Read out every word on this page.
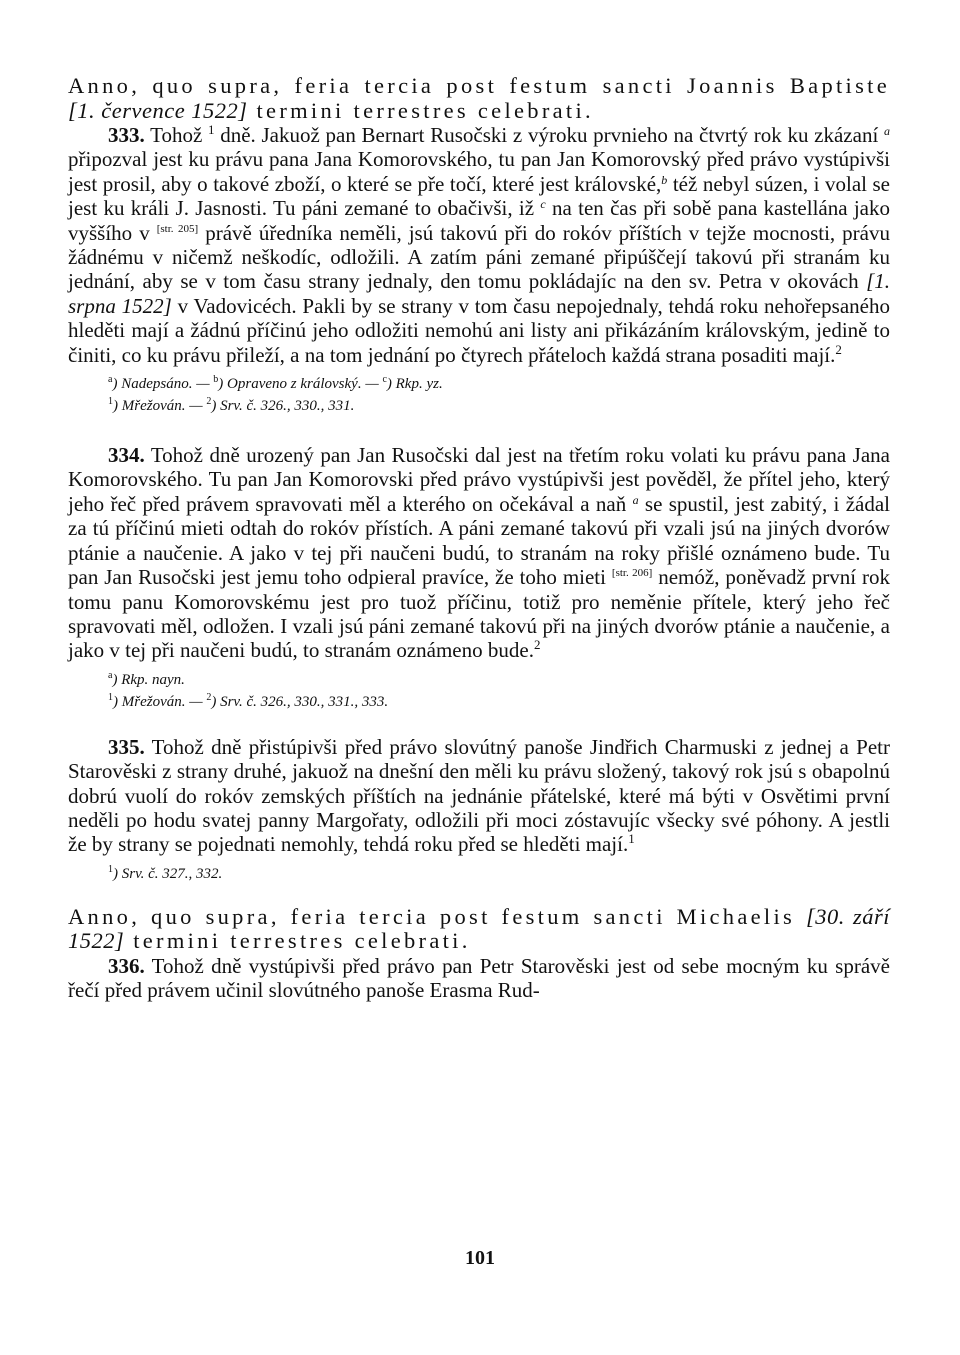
Anno, quo supra, feria tercia post festum sancti Joannis Baptiste [1. července 1522] termini terrestres celebrati.

333. Tohož $^1$ dně. Jakuož pan Bernart Rusočski z výroku prvnieho na čtvrtý rok ku zkázaní $^a$ připozval jest ku právu pana Jana Komorovského, tu pan Jan Komorovský před právo vystúpivši jest prosil, aby o takové zboží, o které se pře točí, které jest královské,$^b$ též nebyl súzen, i volal se jest ku králi J. Jasnosti. Tu páni zemané to obačivši, iž $^c$ na ten čas při sobě pana kastellána jako vyššího v [str. 205] právě úředníka neměli, jsú takovú při do rokóv příštích v tejže mocnosti, právu žádnému v ničemž neškodíc, odložili. A zatím páni zemané připúščejí takovú při stranám ku jednání, aby se v tom času strany jednaly, den tomu pokládajíc na den sv. Petra v okovách [1. srpna 1522] v Vadovicéch. Pakli by se strany v tom času nepojednaly, tehdá roku nehořepsaného hleděti mají a žádnú příčinú jeho odložiti nemohú ani listy ani přikázáním královským, jedině to činiti, co ku právu přileží, a na tom jednání po čtyrech přáteloch každá strana posaditi mají.$^2$

$^a$) Nadepsáno. — $^b$) Opraveno z královský. — $^c$) Rkp. yz.
$^1$) Mřežován. — $^2$) Srv. č. 326., 330., 331.

334. Tohož dně urozený pan Jan Rusočski dal jest na třetím roku volati ku právu pana Jana Komorovského. Tu pan Jan Komorovski před právo vystúpivši jest pověděl, že přítel jeho, který jeho řeč před právem spravovati měl a kterého on očekával a naň $^a$ se spustil, jest zabitý, i žádal za tú příčinú mieti odtah do rokóv přístích. A páni zemané takovú při vzali jsú na jiných dvorów ptánie a naučenie. A jako v tej při naučeni budú, to stranám na roky přišlé oznámeno bude. Tu pan Jan Rusočski jest jemu toho odpieral pravíce, že toho mieti [str. 206] nemóž, poněvadž první rok tomu panu Komorovskému jest pro tuož příčinu, totiž pro neměnie přítele, který jeho řeč spravovati měl, odložen. I vzali jsú páni zemané takovú při na jiných dvorów ptánie a naučenie, a jako v tej při naučeni budú, to stranám oznámeno bude.$^2$

$^a$) Rkp. nayn.
$^1$) Mřežován. — $^2$) Srv. č. 326., 330., 331., 333.

335. Tohož dně přistúpivši před právo slovútný panoše Jindřich Charmuski z jednej a Petr Starověski z strany druhé, jakuož na dnešní den měli ku právu složený, takový rok jsú s obapolnú dobrú vuolí do rokóv zemských příštích na jednánie přátelské, které má býti v Osvětimi první neděli po hodu svatej panny Margořaty, odložili při moci zóstavujíc všecky své póhony. A jestli že by strany se pojednati nemohly, tehdá roku před se hleděti mají.$^1$

$^1$) Srv. č. 327., 332.

Anno, quo supra, feria tercia post festum sancti Michaelis [30. září 1522] termini terrestres celebrati.

336. Tohož dně vystúpivši před právo pan Petr Starověski jest od sebe mocným ku správě řečí před právem učinil slovútného panoše Erasma Rud-

101
